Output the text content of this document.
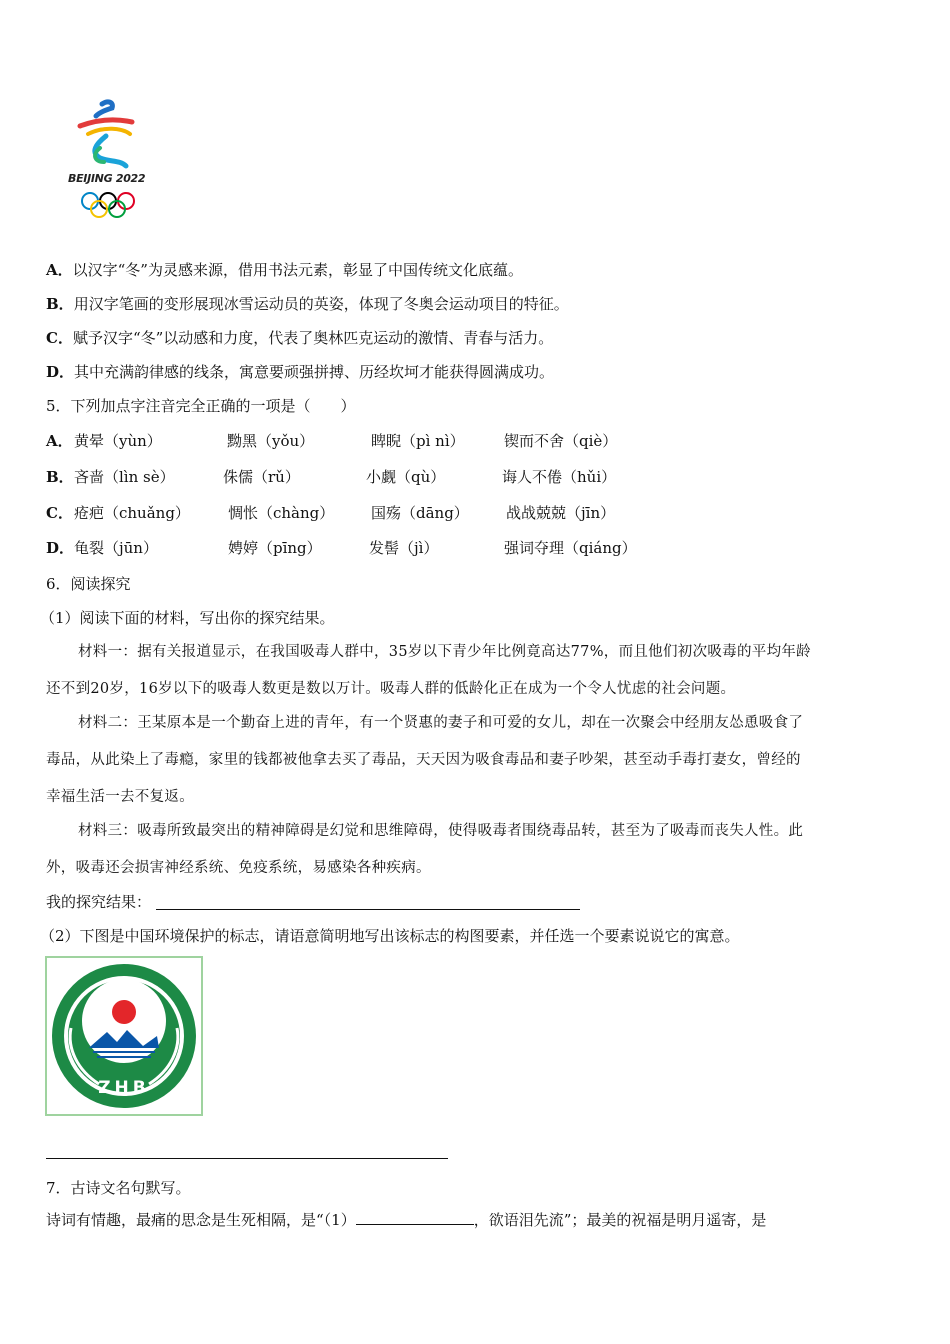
BEIJING 2022
A．以汉字“冬”为灵感来源，借用书法元素，彰显了中国传统文化底蕴。
B．用汉字笔画的变形展现冰雪运动员的英姿，体现了冬奥会运动项目的特征。
C．赋予汉字“冬”以动感和力度，代表了奥林匹克运动的激情、青春与活力。
D．其中充满韵律感的线条，寓意要顽强拼搏、历经坎坷才能获得圆满成功。
5．下列加点字注音完全正确的一项是（　　）
A． 黄晕（yùn）	黝黑（yǒu）	睥睨（pì nì）	锲而不舍（qiè）
B． 吝啬（lìn sè）	侏儒（rǔ）	小觑（qù）	诲人不倦（hǔi）
C． 疮疤（chuǎng）	惆怅（chàng） 国殇（dāng） 战战兢兢（jīn）
D． 龟裂（jūn）	娉婷（pīng）	发髻（jì）	强词夺理（qiáng）
6．阅读探究
（1）阅读下面的材料，写出你的探究结果。
材料一：据有关报道显示，在我国吸毒人群中，35岁以下青少年比例竟高达77%，而且他们初次吸毒的平均年龄
还不到20岁，16岁以下的吸毒人数更是数以万计。吸毒人群的低龄化正在成为一个令人忧虑的社会问题。
材料二：王某原本是一个勤奋上进的青年，有一个贤惠的妻子和可爱的女儿，却在一次聚会中经朋友怂恿吸食了
毒品，从此染上了毒瘾，家里的钱都被他拿去买了毒品，天天因为吸食毒品和妻子吵架，甚至动手毒打妻女，曾经的
幸福生活一去不复返。
材料三：吸毒所致最突出的精神障碍是幻觉和思维障碍，使得吸毒者围绕毒品转，甚至为了吸毒而丧失人性。此
外，吸毒还会损害神经系统、免疫系统，易感染各种疾病。
我的探究结果：
（2）下图是中国环境保护的标志，请语意简明地写出该标志的构图要素，并任选一个要素说说它的寓意。
ZHB
7．古诗文名句默写。
诗词有情趣，最痛的思念是生死相隔，是“（1）	，欲语泪先流”；最美的祝福是明月遥寄，是
